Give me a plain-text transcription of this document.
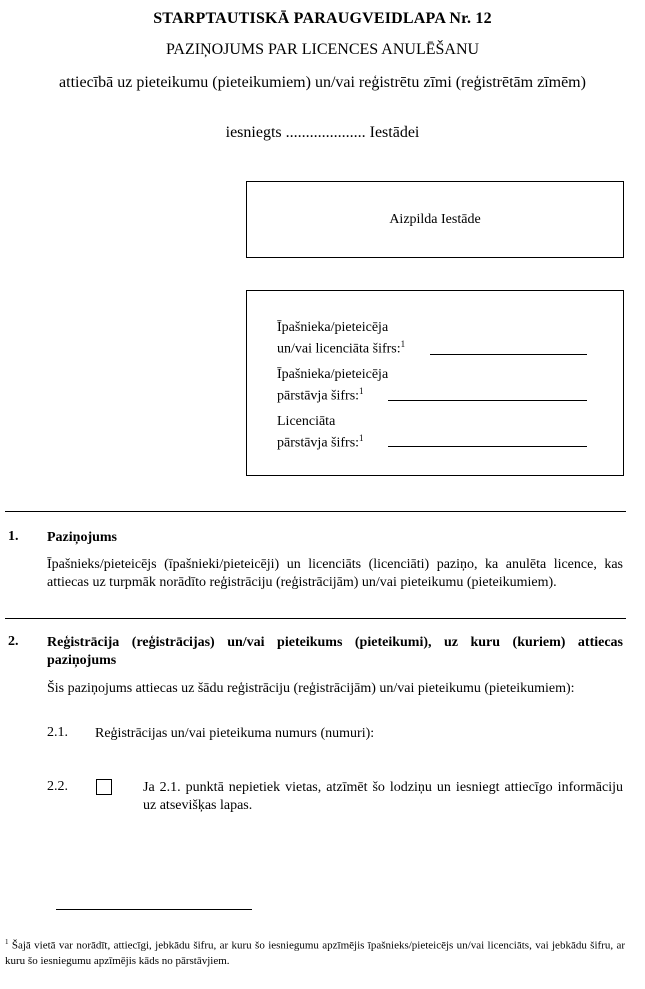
STARPTAUTISKĀ PARAUGVEIDLAPA Nr. 12
PAZIŅOJUMS PAR LICENCES ANULĒŠANU
attiecībā uz pieteikumu (pieteikumiem) un/vai reģistrētu zīmi (reģistrētām zīmēm)
iesniegts .................... Iestādei
Aizpilda Iestāde
Īpašnieka/pieteicēja
un/vai licenciāta šifrs:$^1$
Īpašnieka/pieteicēja
pārstāvja šifrs:$^1$
Licenciāta
pārstāvja šifrs:$^1$
1. Paziņojums
Īpašnieks/pieteicējs (īpašnieki/pieteicēji) un licenciāts (licenciāti) paziņo, ka anulēta licence, kas attiecas uz turpmāk norādīto reģistrāciju (reģistrācijām) un/vai pieteikumu (pieteikumiem).
2. Reģistrācija (reģistrācijas) un/vai pieteikums (pieteikumi), uz kuru (kuriem) attiecas paziņojums
Šis paziņojums attiecas uz šādu reģistrāciju (reģistrācijām) un/vai pieteikumu (pieteikumiem):
2.1. Reģistrācijas un/vai pieteikuma numurs (numuri):
2.2.	Ja 2.1. punktā nepietiek vietas, atzīmēt šo lodziņu un iesniegt attiecīgo informāciju uz atsevišķas lapas.
$^1$ Šajā vietā var norādīt, attiecīgi, jebkādu šifru, ar kuru šo iesniegumu apzīmējis īpašnieks/pieteicējs un/vai licenciāts, vai jebkādu šifru, ar kuru šo iesniegumu apzīmējis kāds no pārstāvjiem.
